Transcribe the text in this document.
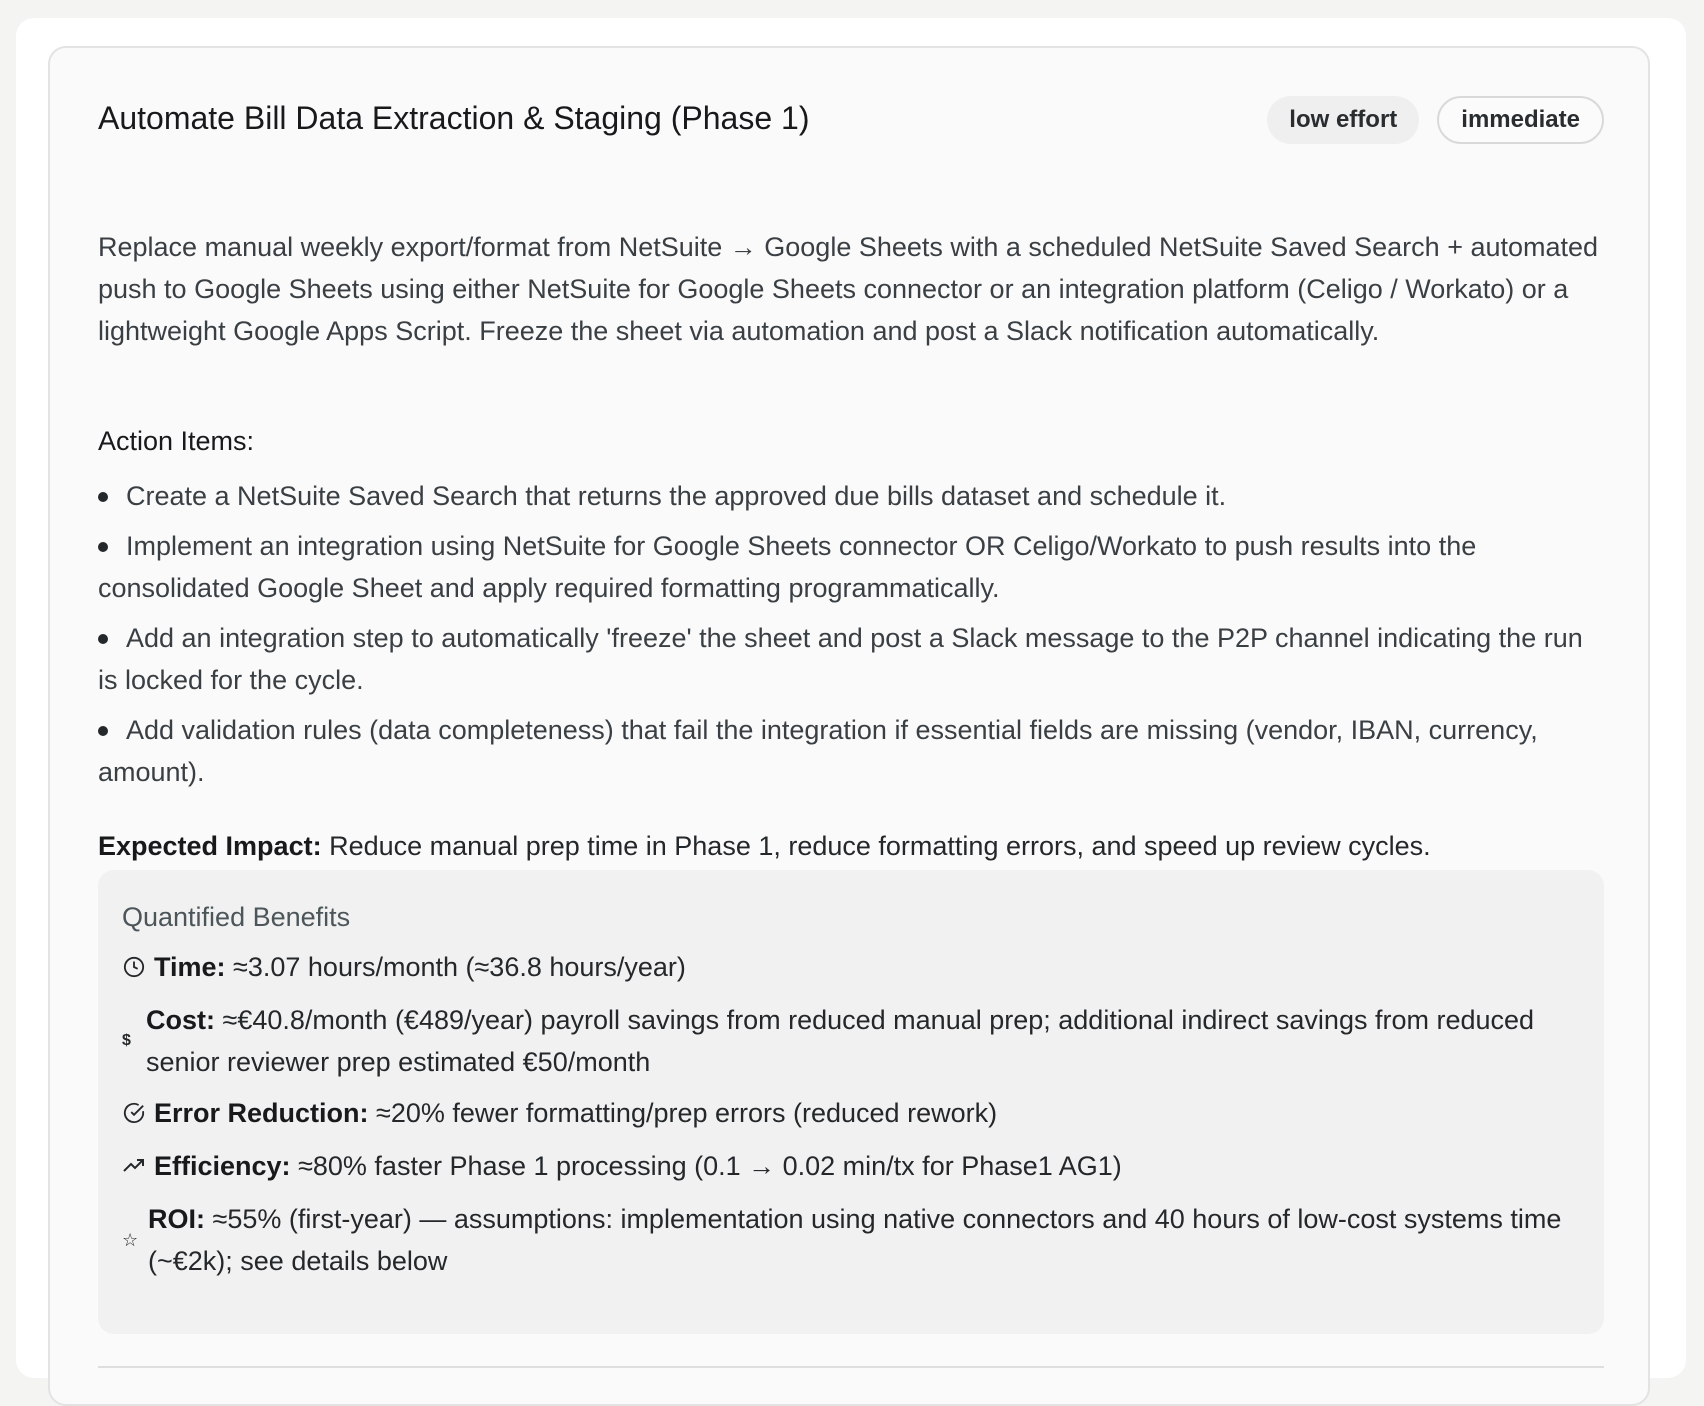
Automate Bill Data Extraction & Staging (Phase 1)	low effort	immediate

Replace manual weekly export/format from NetSuite → Google Sheets with a scheduled NetSuite Saved Search + automated push to Google Sheets using either NetSuite for Google Sheets connector or an integration platform (Celigo / Workato) or a lightweight Google Apps Script. Freeze the sheet via automation and post a Slack notification automatically.

Action Items:
Create a NetSuite Saved Search that returns the approved due bills dataset and schedule it.
Implement an integration using NetSuite for Google Sheets connector OR Celigo/Workato to push results into the consolidated Google Sheet and apply required formatting programmatically.
Add an integration step to automatically 'freeze' the sheet and post a Slack message to the P2P channel indicating the run is locked for the cycle.
Add validation rules (data completeness) that fail the integration if essential fields are missing (vendor, IBAN, currency, amount).

Expected Impact: Reduce manual prep time in Phase 1, reduce formatting errors, and speed up review cycles.

Quantified Benefits
Time: ≈3.07 hours/month (≈36.8 hours/year)
$
Cost: ≈€40.8/month (€489/year) payroll savings from reduced manual prep; additional indirect savings from reduced senior reviewer prep estimated €50/month
Error Reduction: ≈20% fewer formatting/prep errors (reduced rework)
Efficiency: ≈80% faster Phase 1 processing (0.1 → 0.02 min/tx for Phase1 AG1)
☆
ROI: ≈55% (first-year) — assumptions: implementation using native connectors and 40 hours of low-cost systems time (~€2k); see details below
